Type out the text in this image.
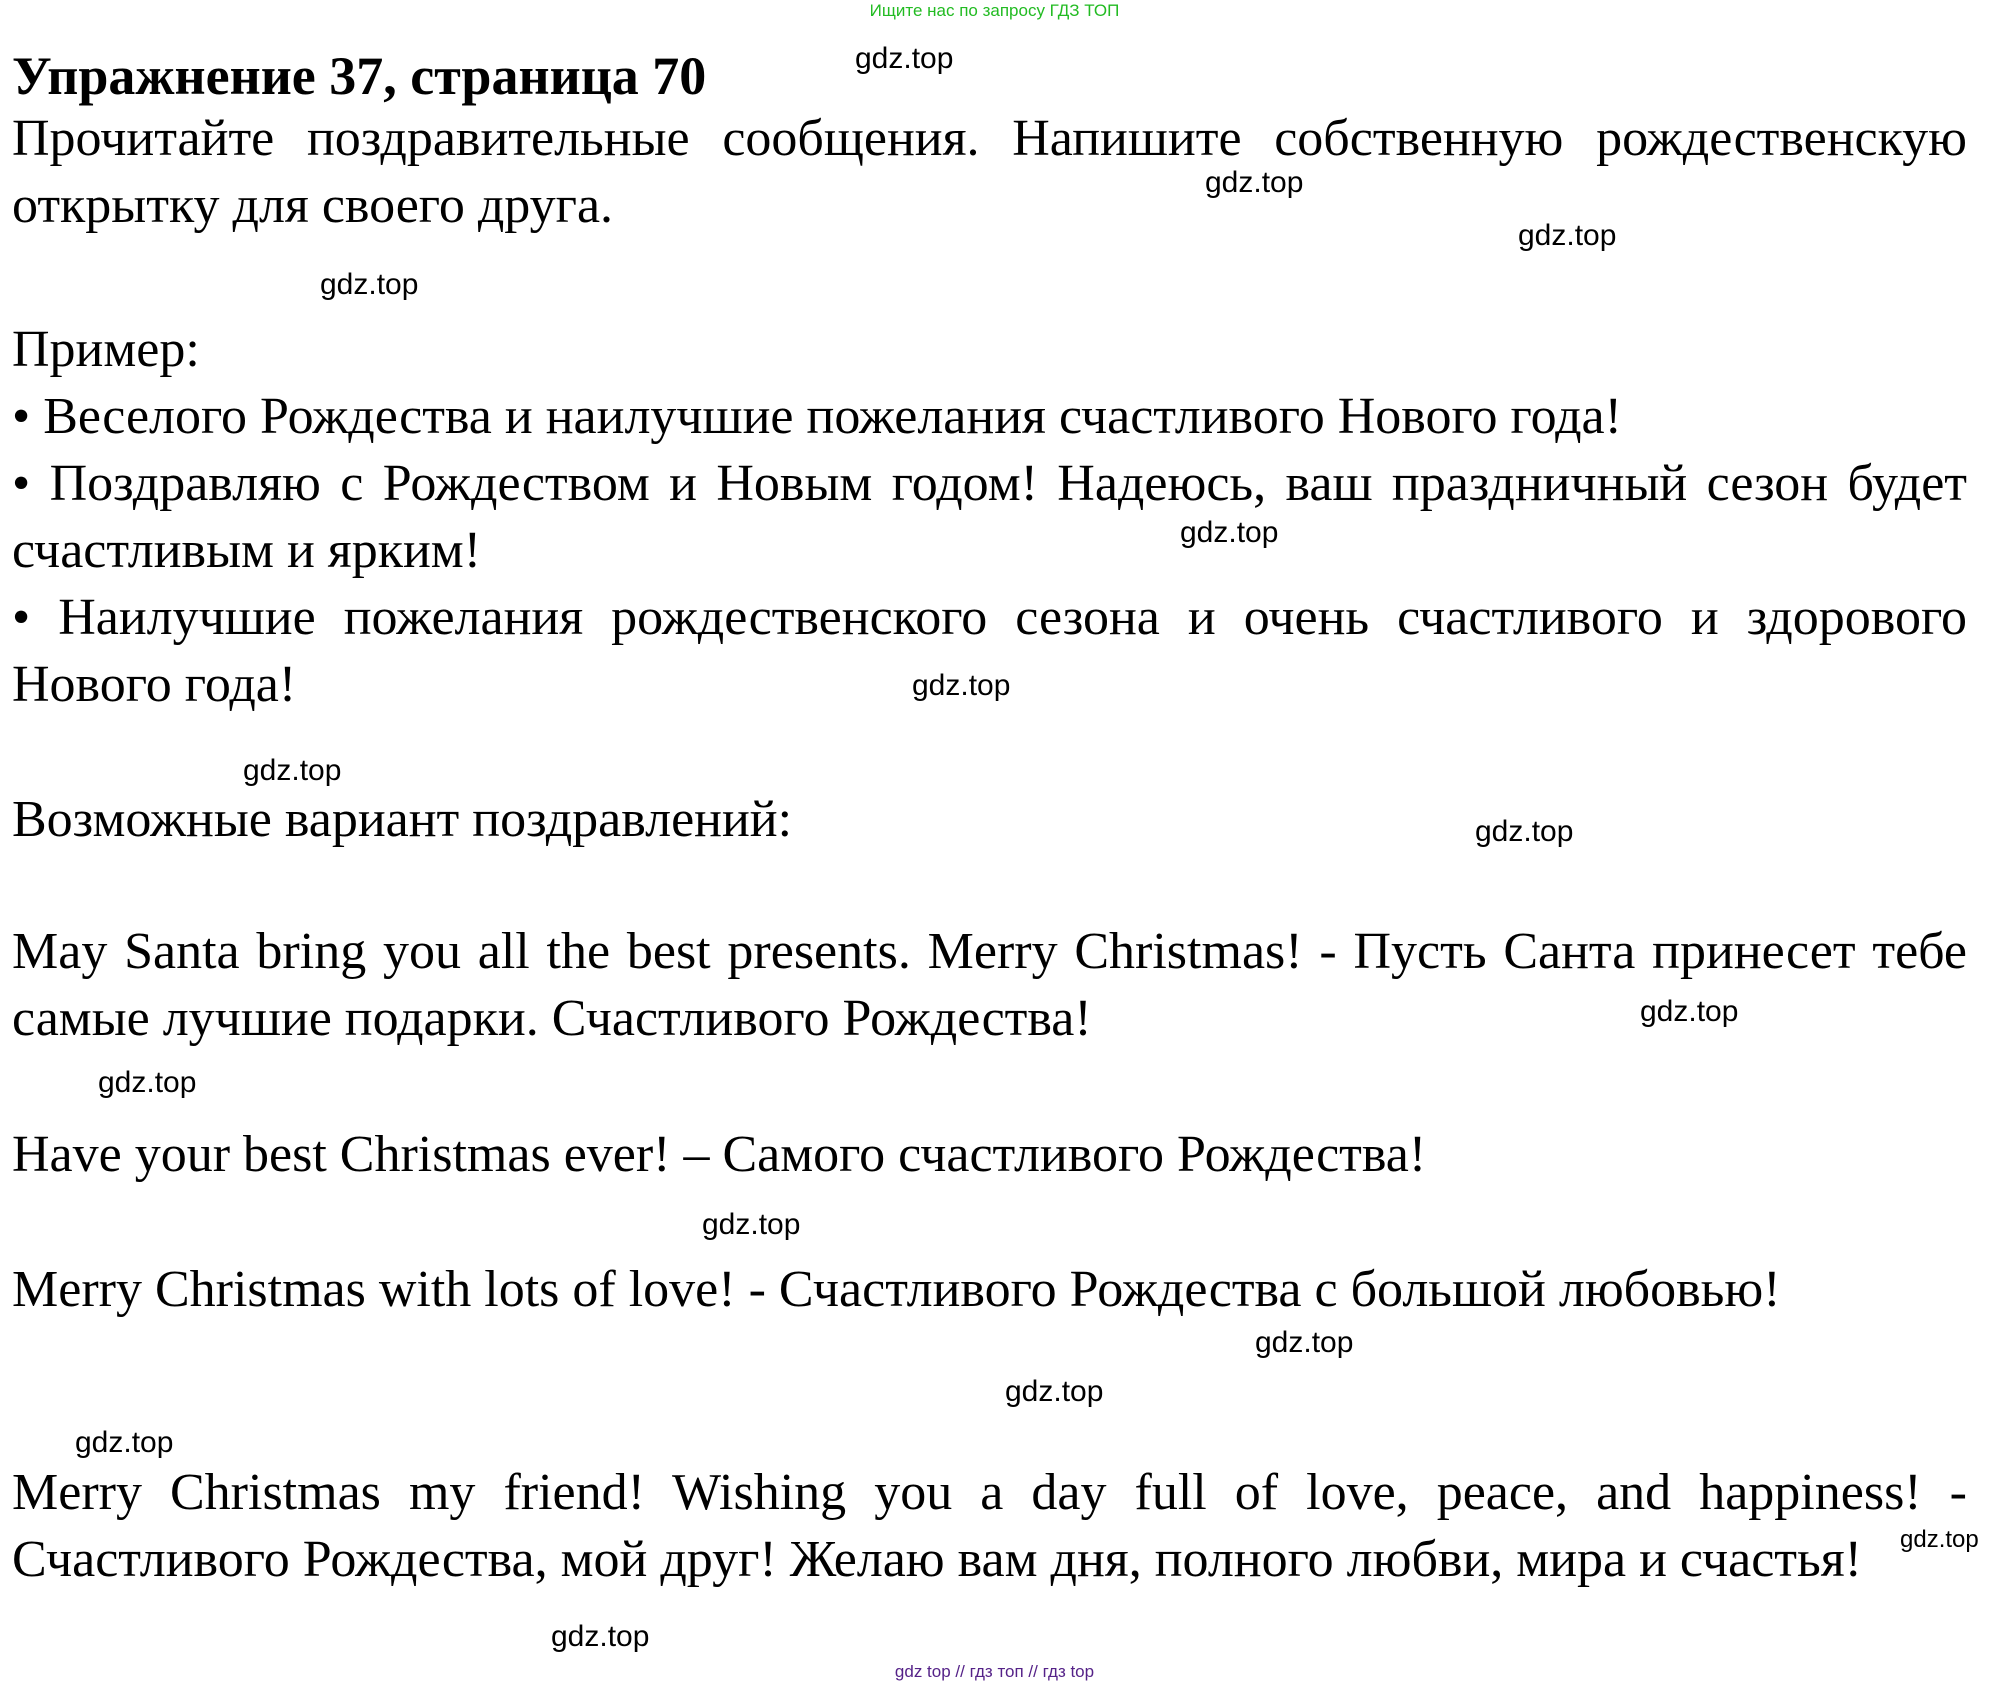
Ищите нас по запросу ГДЗ ТОП
Упражнение 37, страница 70

Прочитайте поздравительные сообщения. Напишите собственную рождественскую открытку для своего друга.

Пример:

• Веселого Рождества и наилучшие пожелания счастливого Нового года!

• Поздравляю с Рождеством и Новым годом! Надеюсь, ваш праздничный сезон будет счастливым и ярким!

• Наилучшие пожелания рождественского сезона и очень счастливого и здорового Нового года!

Возможные вариант поздравлений:

May Santa bring you all the best presents. Merry Christmas! - Пусть Санта принесет тебе самые лучшие подарки. Счастливого Рождества!

Have your best Christmas ever! – Самого счастливого Рождества!

Merry Christmas with lots of love! - Счастливого Рождества с большой любовью!

Merry Christmas my friend! Wishing you a day full of love, peace, and happiness! - Счастливого Рождества, мой друг! Желаю вам дня, полного любви, мира и счастья!

gdz.top
gdz.top
gdz.top
gdz.top
gdz.top
gdz.top
gdz.top
gdz.top
gdz.top
gdz.top
gdz.top
gdz.top
gdz.top
gdz.top
gdz.top
gdz.top
gdz top // гдз топ // гдз top
